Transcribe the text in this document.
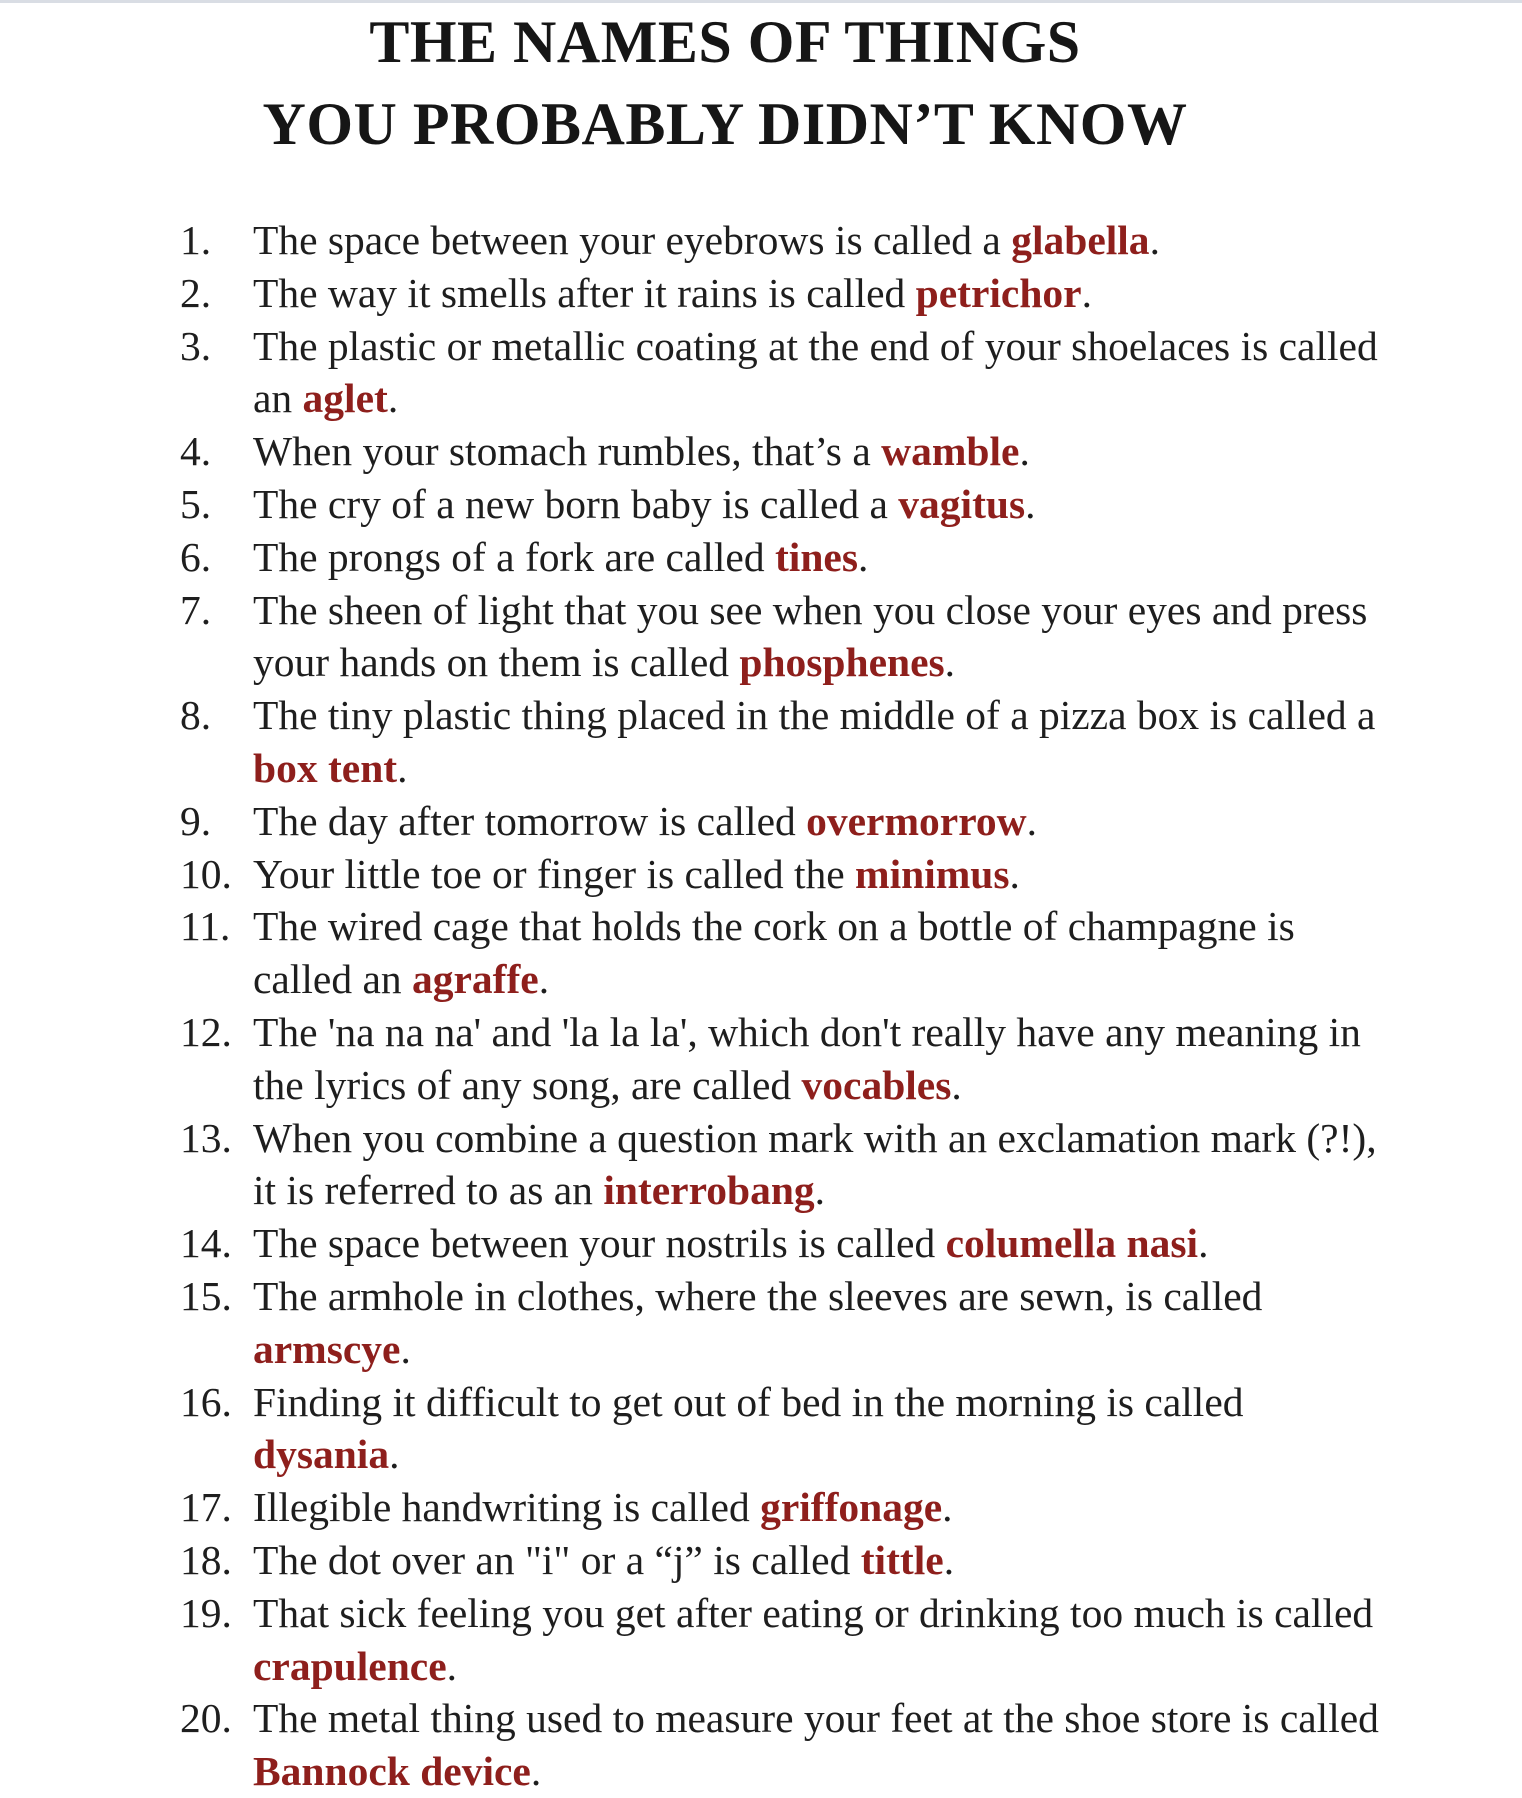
THE NAMES OF THINGS
YOU PROBABLY DIDN’T KNOW
1. The space between your eyebrows is called a glabella.
2. The way it smells after it rains is called petrichor.
3. The plastic or metallic coating at the end of your shoelaces is called an aglet.
4. When your stomach rumbles, that’s a wamble.
5. The cry of a new born baby is called a vagitus.
6. The prongs of a fork are called tines.
7. The sheen of light that you see when you close your eyes and press your hands on them is called phosphenes.
8. The tiny plastic thing placed in the middle of a pizza box is called a box tent.
9. The day after tomorrow is called overmorrow.
10. Your little toe or finger is called the minimus.
11. The wired cage that holds the cork on a bottle of champagne is called an agraffe.
12. The 'na na na' and 'la la la', which don't really have any meaning in the lyrics of any song, are called vocables.
13. When you combine a question mark with an exclamation mark (?!), it is referred to as an interrobang.
14. The space between your nostrils is called columella nasi.
15. The armhole in clothes, where the sleeves are sewn, is called armscye.
16. Finding it difficult to get out of bed in the morning is called dysania.
17. Illegible handwriting is called griffonage.
18. The dot over an "i" or a “j” is called tittle.
19. That sick feeling you get after eating or drinking too much is called crapulence.
20. The metal thing used to measure your feet at the shoe store is called Bannock device.
